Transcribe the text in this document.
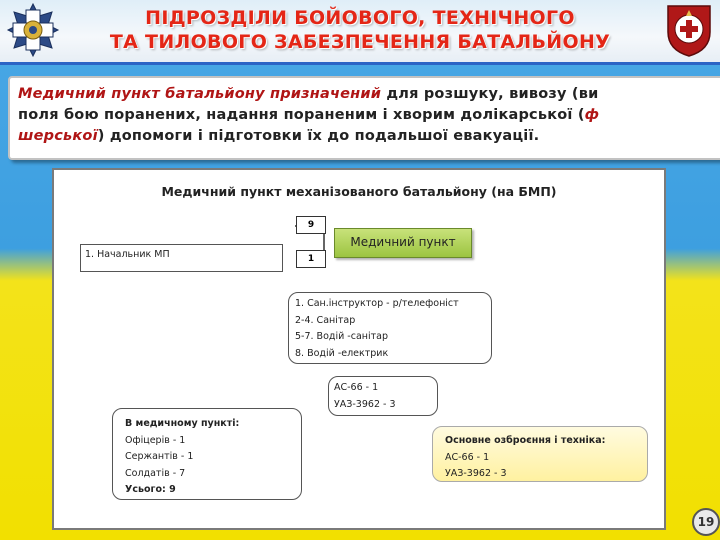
ПІДРОЗДІЛИ БОЙОВОГО, ТЕХНІЧНОГО
ТА ТИЛОВОГО ЗАБЕЗПЕЧЕННЯ БАТАЛЬЙОНУ
Медичний пункт батальйону призначений для розшуку, вивозу (ви
поля бою поранених, надання пораненим і хворим долікарської (ф
шерської) допомоги і підготовки їх до подальшої евакуації.
Медичний пункт механізованого батальйону (на БМП)
1. Начальник МП
9
1
Медичний пункт
1. Сан.інструктор - р/телефоніст
2-4. Санітар
5-7. Водій -санітар
8. Водій -електрик
АС-66 - 1
УАЗ-3962 - 3
В медичному пункті:
Офіцерів - 1
Сержантів - 1
Солдатів - 7
Усього: 9
Основне озброєння і техніка:
АС-66 - 1
УАЗ-3962 - 3
19
